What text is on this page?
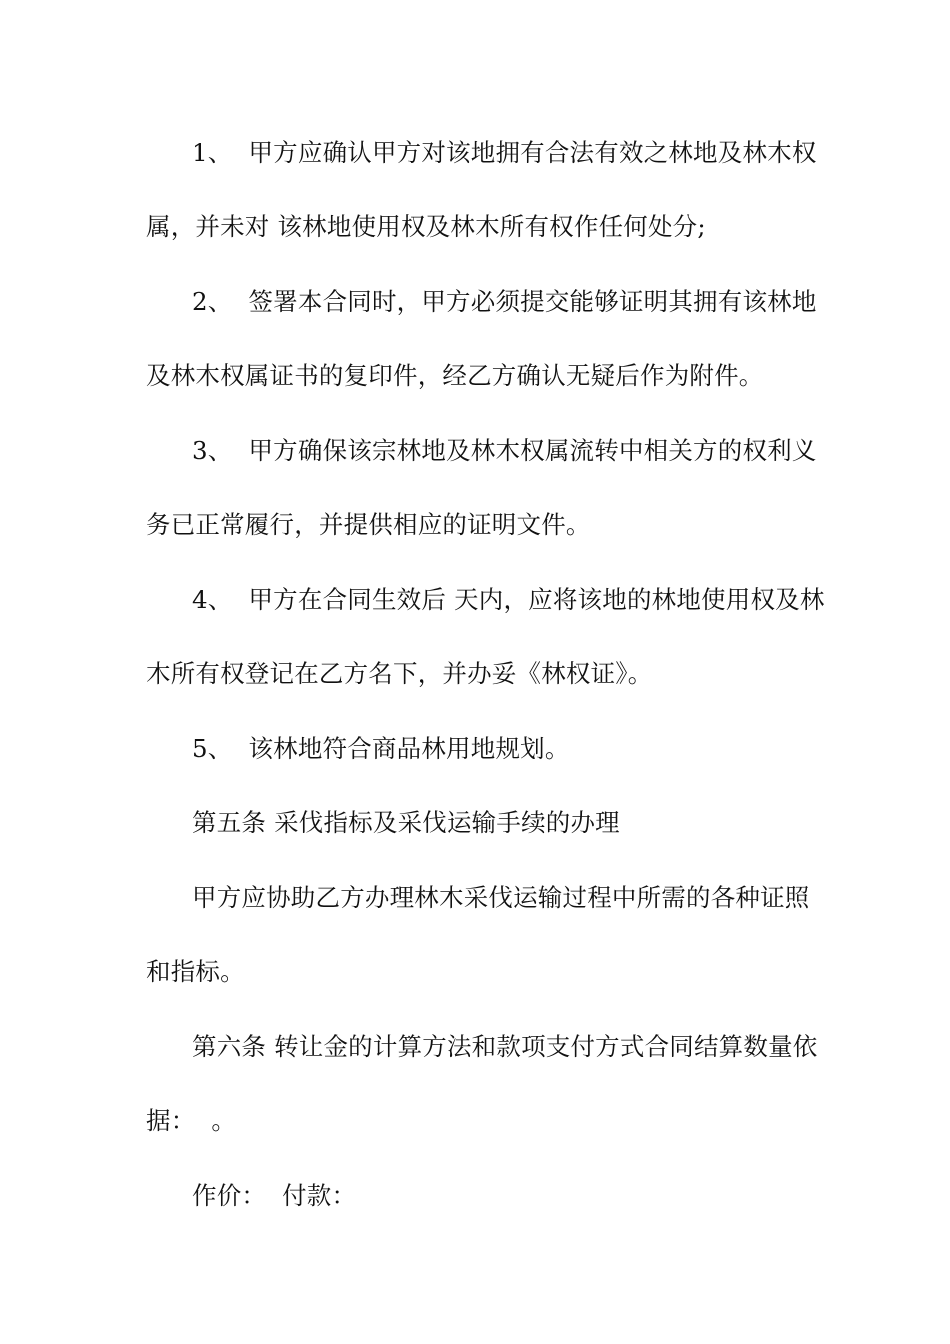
1、  甲方应确认甲方对该地拥有合法有效之林地及林木权
属，并未对 该林地使用权及林木所有权作任何处分;
2、  签署本合同时，甲方必须提交能够证明其拥有该林地
及林木权属证书的复印件，经乙方确认无疑后作为附件。
3、  甲方确保该宗林地及林木权属流转中相关方的权利义
务已正常履行，并提供相应的证明文件。
4、  甲方在合同生效后 天内，应将该地的林地使用权及林
木所有权登记在乙方名下，并办妥《林权证》。
5、  该林地符合商品林用地规划。
第五条 采伐指标及采伐运输手续的办理
甲方应协助乙方办理林木采伐运输过程中所需的各种证照
和指标。
第六条 转让金的计算方法和款项支付方式合同结算数量依
据：  。
作价：  付款：
